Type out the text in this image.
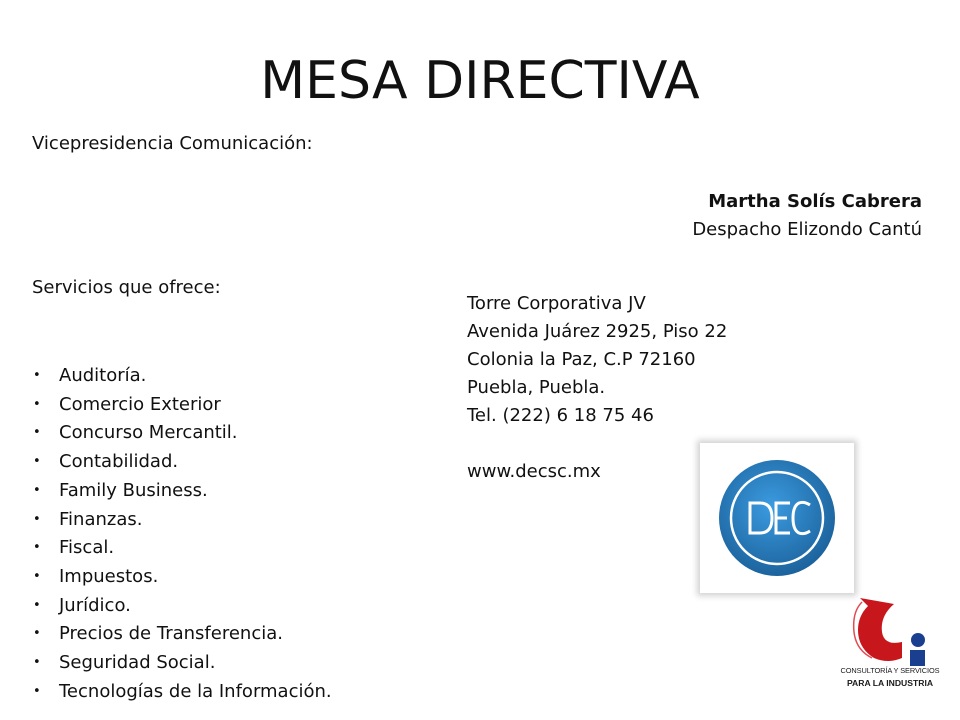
MESA DIRECTIVA
Vicepresidencia Comunicación:
Martha Solís Cabrera
Despacho Elizondo Cantú
Servicios que ofrece:
Torre Corporativa JV
Avenida Juárez 2925, Piso 22
Colonia la Paz, C.P 72160
Puebla, Puebla.
Tel. (222) 6 18 75 46
www.decsc.mx
• Auditoría.
• Comercio Exterior
• Concurso Mercantil.
• Contabilidad.
• Family Business.
• Finanzas.
• Fiscal.
• Impuestos.
• Jurídico.
• Precios de Transferencia.
• Seguridad Social.
• Tecnologías de la Información.
CONSULTORÍA Y SERVICIOS
PARA LA INDUSTRIA
